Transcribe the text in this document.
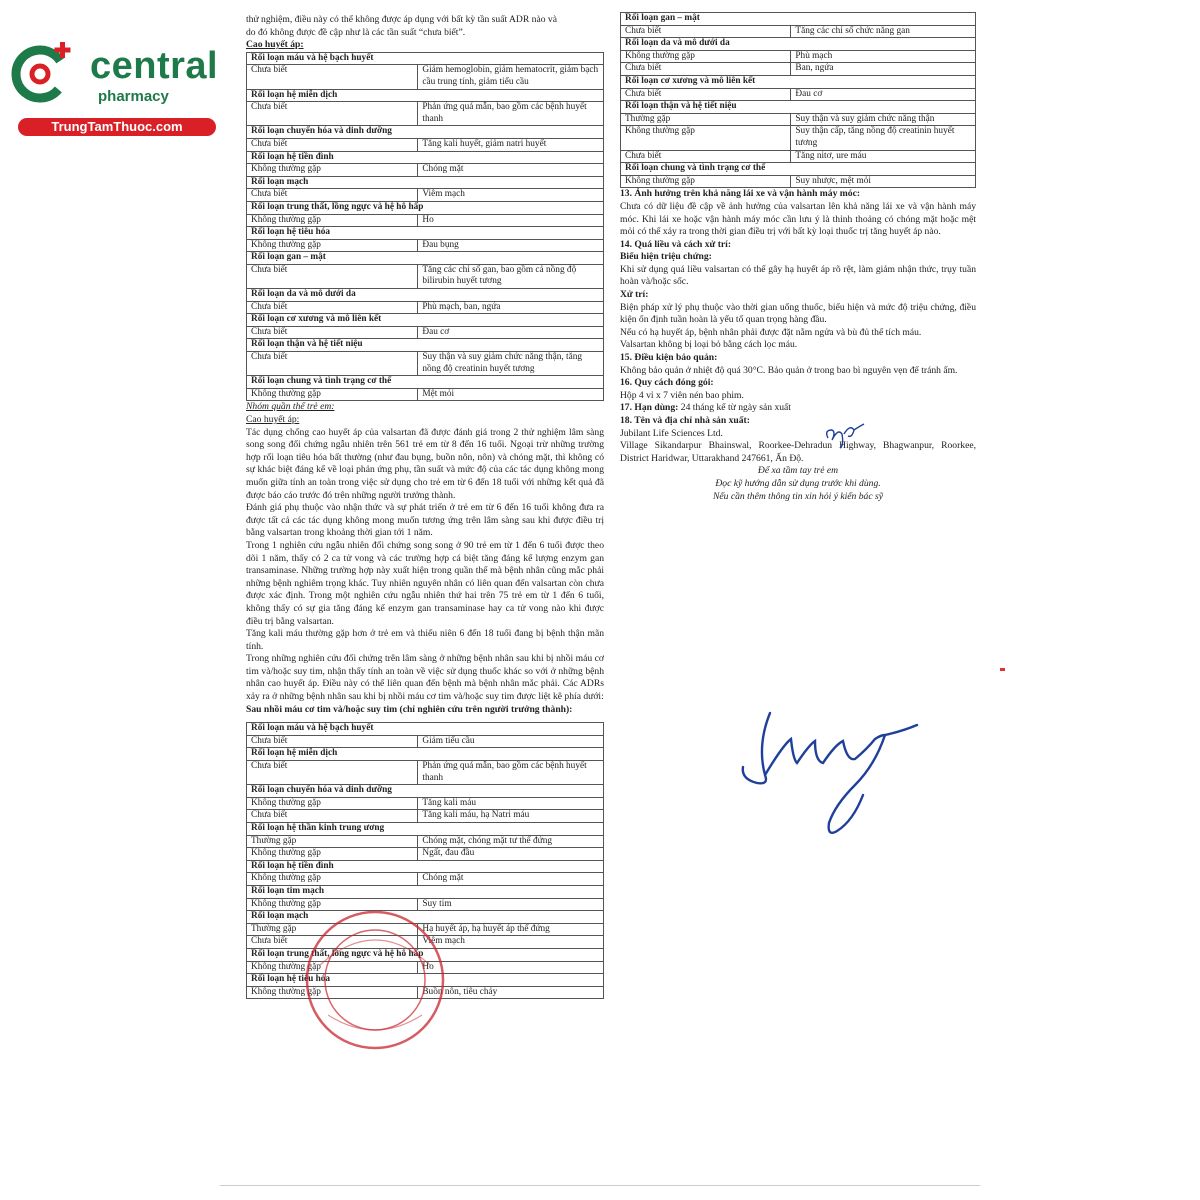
central
pharmacy
TrungTamThuoc.com

thử nghiệm, điều này có thể không được áp dụng với bất kỳ tần suất ADR nào và

do đó không được đề cập như là các tần suất “chưa biết”.

Cao huyết áp:

Rối loạn máu và hệ bạch huyết	
Chưa biết	Giảm hemoglobin, giảm hematocrit, giảm bạch cầu trung tính, giảm tiểu cầu
Rối loạn hệ miễn dịch	
Chưa biết	Phản ứng quá mẫn, bao gồm các bệnh huyết thanh
Rối loạn chuyển hóa và dinh dưỡng	
Chưa biết	Tăng kali huyết, giảm natri huyết
Rối loạn hệ tiền đình	
Không thường gặp	Chóng mặt
Rối loạn mạch	
Chưa biết	Viêm mạch
Rối loạn trung thất, lồng ngực và hệ hô hấp	
Không thường gặp	Ho
Rối loạn hệ tiêu hóa	
Không thường gặp	Đau bụng
Rối loạn gan – mật	
Chưa biết	Tăng các chỉ số gan, bao gồm cả nồng độ bilirubin huyết tương
Rối loạn da và mô dưới da	
Chưa biết	Phù mạch, ban, ngứa
Rối loạn cơ xương và mô liên kết	
Chưa biết	Đau cơ
Rối loạn thận và hệ tiết niệu	
Chưa biết	Suy thận và suy giảm chức năng thận, tăng nồng độ creatinin huyết tương
Rối loạn chung và tình trạng cơ thể	
Không thường gặp	Mệt mỏi

Nhóm quần thể trẻ em:

Cao huyết áp:

Tác dụng chống cao huyết áp của valsartan đã được đánh giá trong 2 thử nghiệm lâm sàng song song đối chứng ngẫu nhiên trên 561 trẻ em từ 8 đến 16 tuổi. Ngoại trừ những trường hợp rối loạn tiêu hóa bất thường (như đau bụng, buồn nôn, nôn) và chóng mặt, thì không có sự khác biệt đáng kể về loại phản ứng phụ, tần suất và mức độ của các tác dụng không mong muốn giữa tính an toàn trong việc sử dụng cho trẻ em từ 6 đến 18 tuổi với những kết quả đã được báo cáo trước đó trên những người trưởng thành.

Đánh giá phụ thuộc vào nhận thức và sự phát triển ở trẻ em từ 6 đến 16 tuổi không đưa ra được tất cả các tác dụng không mong muốn tương ứng trên lâm sàng sau khi được điều trị bằng valsartan trong khoảng thời gian tới 1 năm.

Trong 1 nghiên cứu ngẫu nhiên đối chứng song song ở 90 trẻ em từ 1 đến 6 tuổi được theo dõi 1 năm, thấy có 2 ca tử vong và các trường hợp cá biệt tăng đáng kể lượng enzym gan transaminase. Những trường hợp này xuất hiện trong quần thể mà bệnh nhân cũng mắc phải những bệnh nghiêm trọng khác. Tuy nhiên nguyên nhân có liên quan đến valsartan còn chưa được xác định. Trong một nghiên cứu ngẫu nhiên thứ hai trên 75 trẻ em từ 1 đến 6 tuổi, không thấy có sự gia tăng đáng kể enzym gan transaminase hay ca tử vong nào khi được điều trị bằng valsartan.

Tăng kali máu thường gặp hơn ở trẻ em và thiếu niên 6 đến 18 tuổi đang bị bệnh thận mãn tính.

Trong những nghiên cứu đối chứng trên lâm sàng ở những bệnh nhân sau khi bị nhồi máu cơ tim và/hoặc suy tim, nhận thấy tính an toàn về việc sử dụng thuốc khác so với ở những bệnh nhân cao huyết áp. Điều này có thể liên quan đến bệnh mà bệnh nhân mắc phải. Các ADRs xảy ra ở những bệnh nhân sau khi bị nhồi máu cơ tim và/hoặc suy tim được liệt kê phía dưới:

Sau nhồi máu cơ tim và/hoặc suy tim (chỉ nghiên cứu trên người trưởng thành):

Rối loạn máu và hệ bạch huyết	
Chưa biết	Giảm tiểu cầu
Rối loạn hệ miễn dịch	
Chưa biết	Phản ứng quá mẫn, bao gồm các bệnh huyết thanh
Rối loạn chuyển hóa và dinh dưỡng	
Không thường gặp	Tăng kali máu
Chưa biết	Tăng kali máu, hạ Natri máu
Rối loạn hệ thần kinh trung ương	
Thường gặp	Chóng mặt, chóng mặt tư thế đứng
Không thường gặp	Ngất, đau đầu
Rối loạn hệ tiền đình	
Không thường gặp	Chóng mặt
Rối loạn tim mạch	
Không thường gặp	Suy tim
Rối loạn mạch	
Thường gặp	Hạ huyết áp, hạ huyết áp thế đứng
Chưa biết	Viêm mạch
Rối loạn trung thất, lồng ngực và hệ hô hấp	
Không thường gặp	Ho
Rối loạn hệ tiêu hóa	
Không thường gặp	Buồn nôn, tiêu chảy
Rối loạn gan – mật	
Chưa biết	Tăng các chỉ số chức năng gan
Rối loạn da và mô dưới da	
Không thường gặp	Phù mạch
Chưa biết	Ban, ngứa
Rối loạn cơ xương và mô liên kết	
Chưa biết	Đau cơ
Rối loạn thận và hệ tiết niệu	
Thường gặp	Suy thận và suy giảm chức năng thận
Không thường gặp	Suy thận cấp, tăng nồng độ creatinin huyết tương
Chưa biết	Tăng nitơ, ure máu
Rối loạn chung và tình trạng cơ thể	
Không thường gặp	Suy nhược, mệt mỏi

13. Ảnh hưởng trên khả năng lái xe và vận hành máy móc:

Chưa có dữ liệu đề cập về ảnh hưởng của valsartan lên khả năng lái xe và vận hành máy móc. Khi lái xe hoặc vận hành máy móc cần lưu ý là thỉnh thoảng có chóng mặt hoặc mệt mỏi có thể xảy ra trong thời gian điều trị với bất kỳ loại thuốc trị tăng huyết áp nào.

14. Quá liều và cách xử trí:

Biểu hiện triệu chứng:

Khi sử dụng quá liều valsartan có thể gây hạ huyết áp rõ rệt, làm giảm nhận thức, trụy tuần hoàn và/hoặc sốc.

Xử trí:

Biện pháp xử lý phụ thuộc vào thời gian uống thuốc, biểu hiện và mức độ triệu chứng, điều kiện ổn định tuần hoàn là yếu tố quan trọng hàng đầu.

Nếu có hạ huyết áp, bệnh nhân phải được đặt nằm ngửa và bù đủ thể tích máu.

Valsartan không bị loại bỏ bằng cách lọc máu.

15. Điều kiện bảo quản:

Không bảo quản ở nhiệt độ quá 30°C. Bảo quản ở trong bao bì nguyên vẹn để tránh ẩm.

16. Quy cách đóng gói:

Hộp 4 vỉ x 7 viên nén bao phim.

17. Hạn dùng: 24 tháng kể từ ngày sản xuất

18. Tên và địa chỉ nhà sản xuất:

Jubilant Life Sciences Ltd.

Village Sikandarpur Bhainswal, Roorkee-Dehradun Highway, Bhagwanpur, Roorkee, District Haridwar, Uttarakhand 247661, Ấn Độ.

Để xa tầm tay trẻ em

Đọc kỹ hướng dẫn sử dụng trước khi dùng.

Nếu cần thêm thông tin xin hỏi ý kiến bác sỹ
